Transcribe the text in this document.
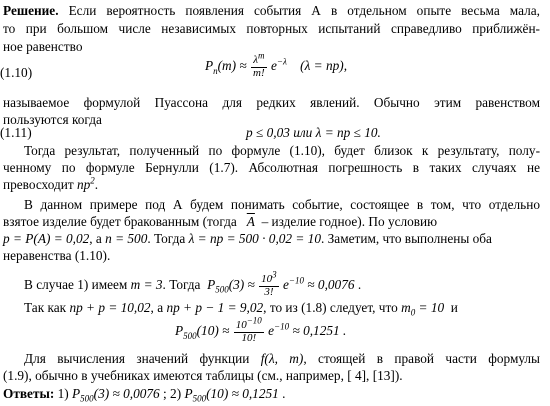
Решение. Если вероятность появления события А в отдельном опыте весьма мала,
то при большом числе независимых повторных испытаний справедливо приближён-
ное равенство
$P_n(m) \approx \frac{\lambda^m}{m!} e^{-\lambda}$    (λ = np),
(1.10)
называемое формулой Пуассона для редких явлений. Обычно этим равенством
пользуются когда
p ≤ 0,03 или λ = np ≤ 10.
(1.11)
Тогда результат, полученный по формуле (1.10), будет близок к результату, полу-
ченному по формуле Бернулли (1.7). Абсолютная погрешность в таких случаях не
превосходит $np^2$.
В данном примере под А будем понимать событие, состоящее в том, что отдельно
взятое изделие будет бракованным (тогда $\overline{A}$ – изделие годное). По условию
p = P(A) = 0,02, а n = 500. Тогда λ = np = 500 · 0,02 = 10. Заметим, что выполнены оба
неравенства (1.10).
В случае 1) имеем m = 3. Тогда $P_{500}(3) \approx \frac{10^3}{3!} e^{-10} \approx 0,0076$ .
Так как np + p = 10,02, а np + p − 1 = 9,02, то из (1.8) следует, что $m_0 = 10$ и
$P_{500}(10) \approx \frac{10^{-10}}{10!} e^{-10} \approx 0,1251$ .
Для вычисления значений функции f(λ, m), стоящей в правой части формулы
(1.9), обычно в учебниках имеются таблицы (см., например, [ 4], [13]).
Ответы: 1) $P_{500}(3) \approx 0,0076$ ; 2) $P_{500}(10) \approx 0,1251$ .
